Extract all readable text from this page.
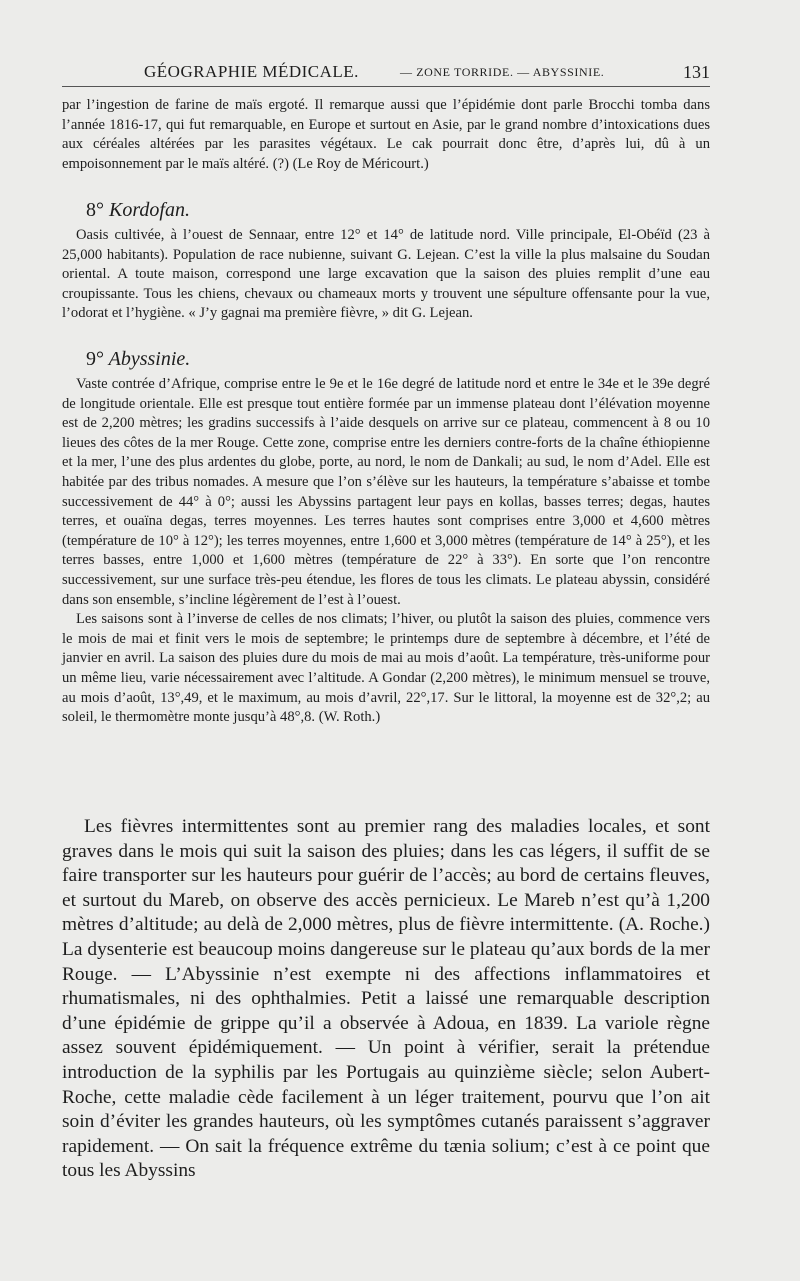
GÉOGRAPHIE MÉDICALE.	— ZONE TORRIDE. — ABYSSINIE.	131

par l’ingestion de farine de maïs ergoté. Il remarque aussi que l’épidémie dont parle Brocchi tomba dans l’année 1816-17, qui fut remarquable, en Europe et surtout en Asie, par le grand nombre d’intoxications dues aux céréales altérées par les parasites végétaux. Le cak pourrait donc être, d’après lui, dû à un empoisonnement par le maïs altéré. (?) (Le Roy de Méricourt.)

8° Kordofan.

Oasis cultivée, à l’ouest de Sennaar, entre 12° et 14° de latitude nord. Ville principale, El-Obéïd (23 à 25,000 habitants). Population de race nubienne, suivant G. Lejean. C’est la ville la plus malsaine du Soudan oriental. A toute maison, correspond une large excavation que la saison des pluies remplit d’une eau croupissante. Tous les chiens, chevaux ou chameaux morts y trouvent une sépulture offensante pour la vue, l’odorat et l’hygiène. « J’y gagnai ma première fièvre, » dit G. Lejean.

9° Abyssinie.

Vaste contrée d’Afrique, comprise entre le 9e et le 16e degré de latitude nord et entre le 34e et le 39e degré de longitude orientale. Elle est presque tout entière formée par un immense plateau dont l’élévation moyenne est de 2,200 mètres; les gradins successifs à l’aide desquels on arrive sur ce plateau, commencent à 8 ou 10 lieues des côtes de la mer Rouge. Cette zone, comprise entre les derniers contre-forts de la chaîne éthiopienne et la mer, l’une des plus ardentes du globe, porte, au nord, le nom de Dankali; au sud, le nom d’Adel. Elle est habitée par des tribus nomades. A mesure que l’on s’élève sur les hauteurs, la température s’abaisse et tombe successivement de 44° à 0°; aussi les Abyssins partagent leur pays en kollas, basses terres; degas, hautes terres, et ouaïna degas, terres moyennes. Les terres hautes sont comprises entre 3,000 et 4,600 mètres (température de 10° à 12°); les terres moyennes, entre 1,600 et 3,000 mètres (température de 14° à 25°), et les terres basses, entre 1,000 et 1,600 mètres (température de 22° à 33°). En sorte que l’on rencontre successivement, sur une surface très-peu étendue, les flores de tous les climats. Le plateau abyssin, considéré dans son ensemble, s’incline légèrement de l’est à l’ouest.

Les saisons sont à l’inverse de celles de nos climats; l’hiver, ou plutôt la saison des pluies, commence vers le mois de mai et finit vers le mois de septembre; le printemps dure de septembre à décembre, et l’été de janvier en avril. La saison des pluies dure du mois de mai au mois d’août. La température, très-uniforme pour un même lieu, varie nécessairement avec l’altitude. A Gondar (2,200 mètres), le minimum mensuel se trouve, au mois d’août, 13°,49, et le maximum, au mois d’avril, 22°,17. Sur le littoral, la moyenne est de 32°,2; au soleil, le thermomètre monte jusqu’à 48°,8. (W. Roth.)

Les fièvres intermittentes sont au premier rang des maladies locales, et sont graves dans le mois qui suit la saison des pluies; dans les cas légers, il suffit de se faire transporter sur les hauteurs pour guérir de l’accès; au bord de certains fleuves, et surtout du Mareb, on observe des accès pernicieux. Le Mareb n’est qu’à 1,200 mètres d’altitude; au delà de 2,000 mètres, plus de fièvre intermittente. (A. Roche.) La dysenterie est beaucoup moins dangereuse sur le plateau qu’aux bords de la mer Rouge. — L’Abyssinie n’est exempte ni des affections inflammatoires et rhumatismales, ni des ophthalmies. Petit a laissé une remarquable description d’une épidémie de grippe qu’il a observée à Adoua, en 1839. La variole règne assez souvent épidémiquement. — Un point à vérifier, serait la prétendue introduction de la syphilis par les Portugais au quinzième siècle; selon Aubert-Roche, cette maladie cède facilement à un léger traitement, pourvu que l’on ait soin d’éviter les grandes hauteurs, où les symptômes cutanés paraissent s’aggraver rapidement. — On sait la fréquence extrême du tænia solium; c’est à ce point que tous les Abyssins
